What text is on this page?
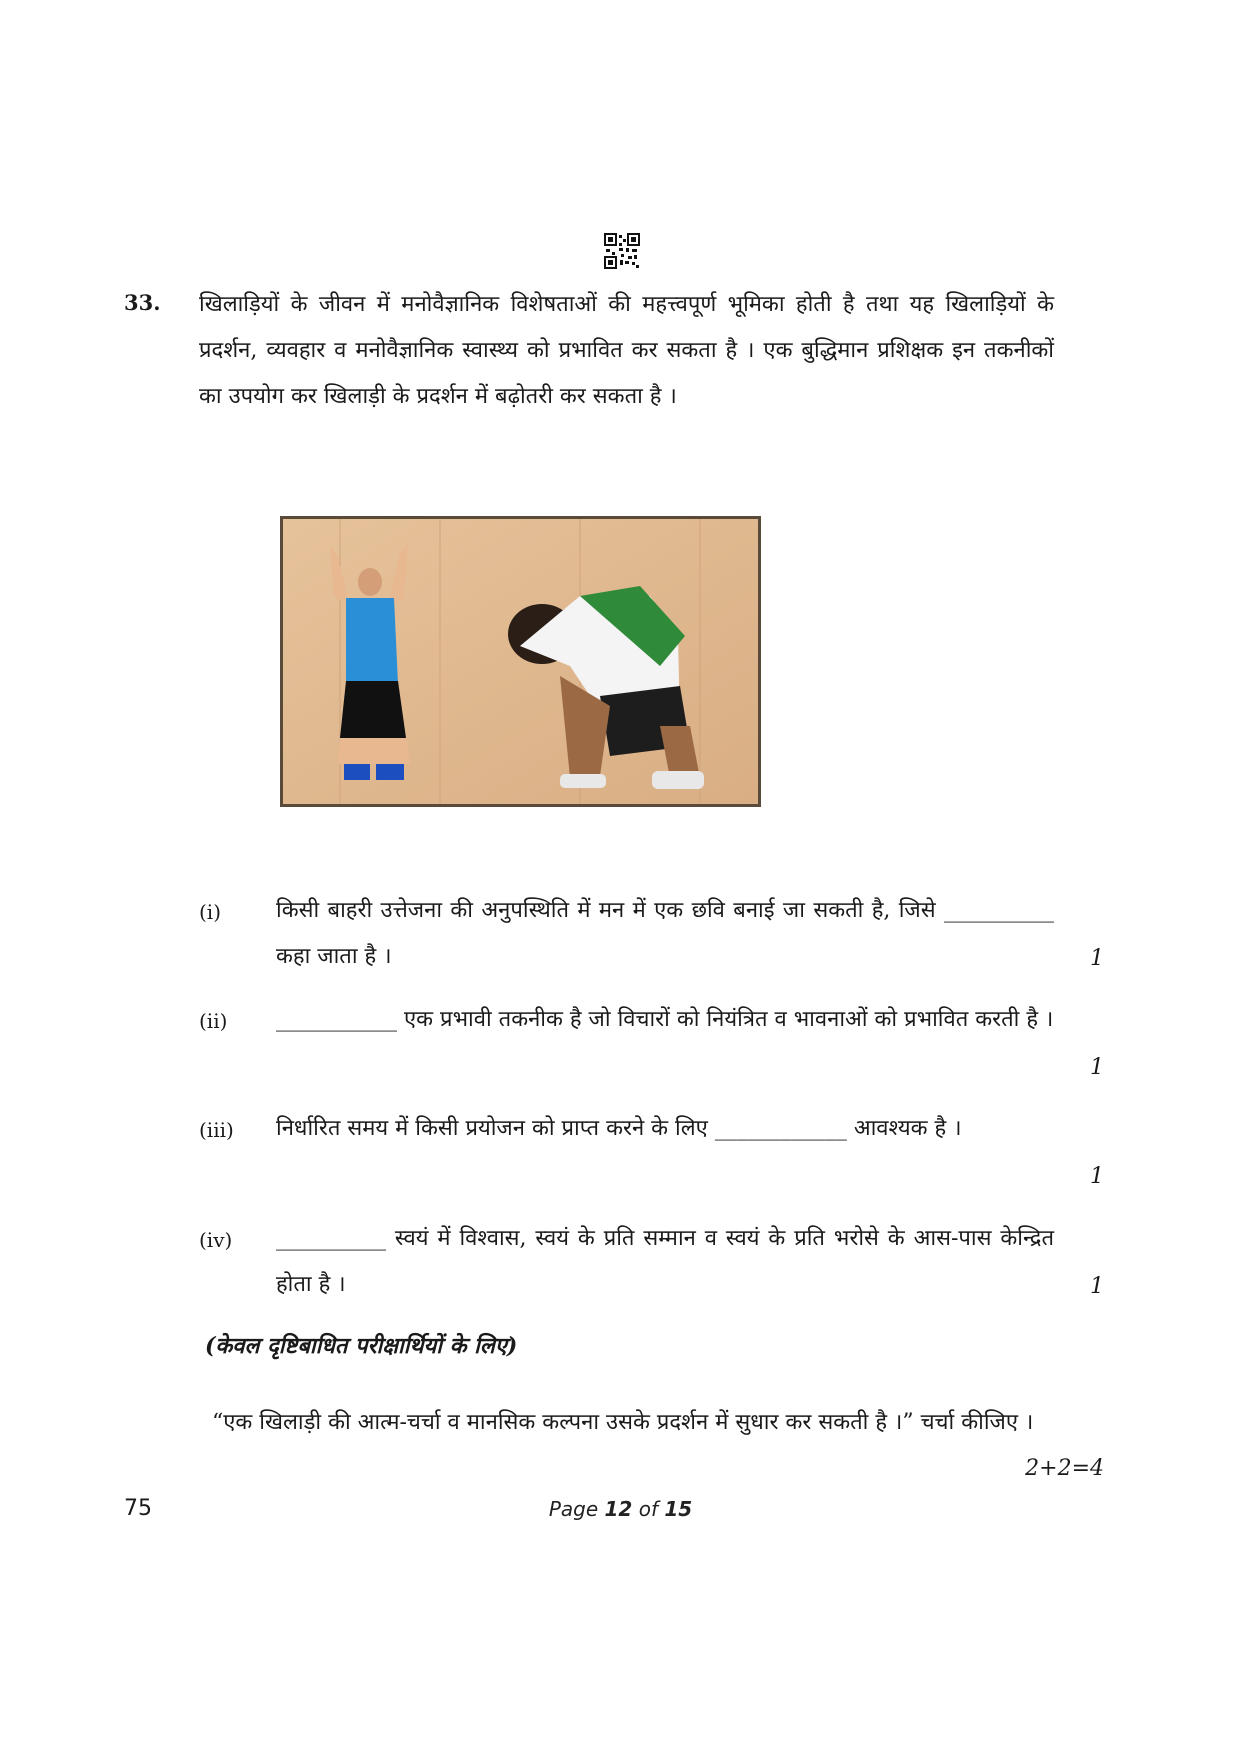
33. खिलाड़ियों के जीवन में मनोवैज्ञानिक विशेषताओं की महत्त्वपूर्ण भूमिका होती है तथा यह खिलाड़ियों के प्रदर्शन, व्यवहार व मनोवैज्ञानिक स्वास्थ्य को प्रभावित कर सकता है । एक बुद्धिमान प्रशिक्षक इन तकनीकों का उपयोग कर खिलाड़ी के प्रदर्शन में बढ़ोतरी कर सकता है ।
(i) किसी बाहरी उत्तेजना की अनुपस्थिति में मन में एक छवि बनाई जा सकती है, जिसे __________ कहा जाता है ।	1
(ii) ___________ एक प्रभावी तकनीक है जो विचारों को नियंत्रित व भावनाओं को प्रभावित करती है ।
1
(iii) निर्धारित समय में किसी प्रयोजन को प्राप्त करने के लिए ____________ आवश्यक है ।
1
(iv) __________ स्वयं में विश्वास, स्वयं के प्रति सम्मान व स्वयं के प्रति भरोसे के आस-पास केन्द्रित होता है ।	1
(केवल दृष्टिबाधित परीक्षार्थियों के लिए)
“एक खिलाड़ी की आत्म-चर्चा व मानसिक कल्पना उसके प्रदर्शन में सुधार कर सकती है ।” चर्चा कीजिए ।
2+2=4
75	Page 12 of 15
